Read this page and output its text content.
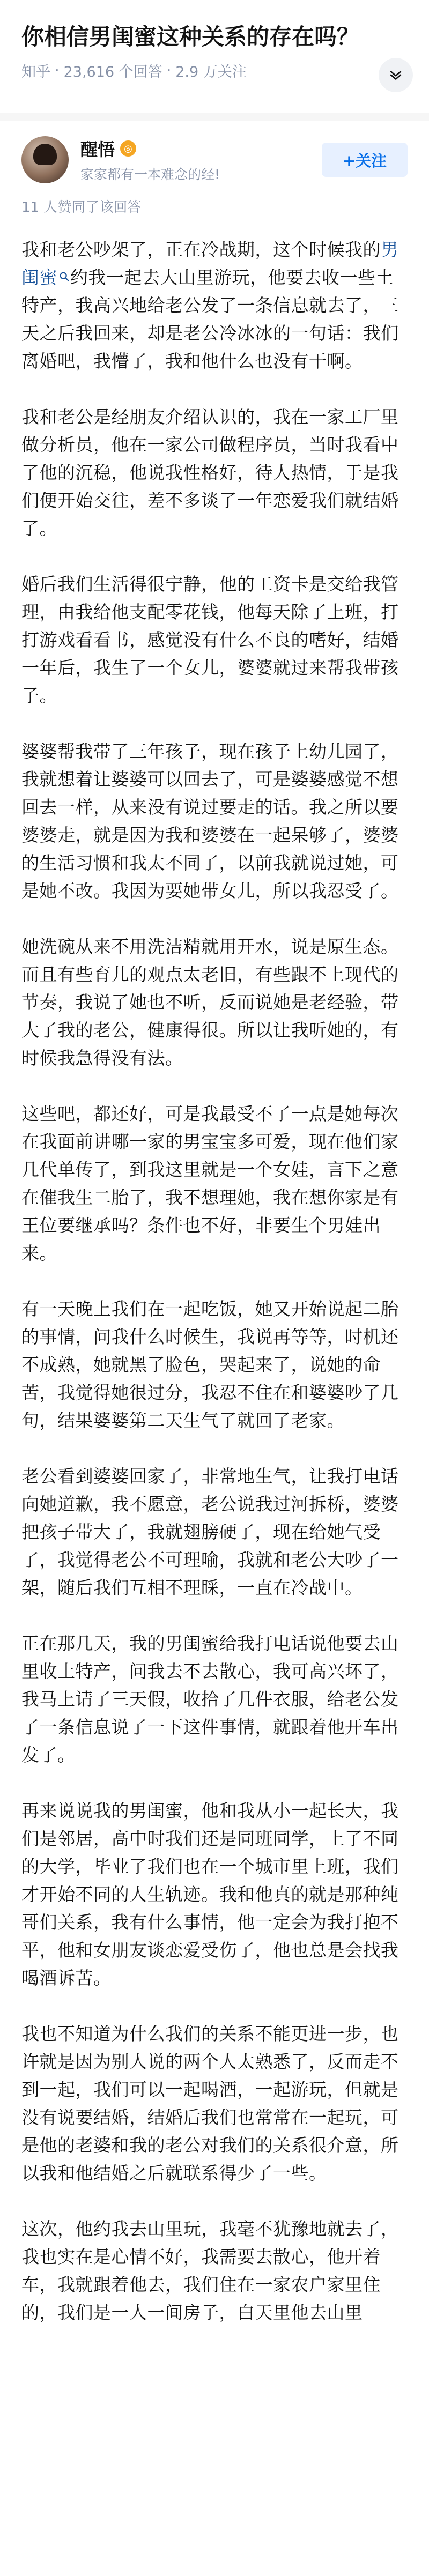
你相信男闺蜜这种关系的存在吗？
知乎 · 23,616 个回答 · 2.9 万关注
醒悟 ◎
家家都有一本难念的经!
+关注
11 人赞同了该回答

我和老公吵架了，正在冷战期，这个时候我的男闺蜜 约我一起去大山里游玩，他要去收一些土特产，我高兴地给老公发了一条信息就去了，三天之后我回来，却是老公冷冰冰的一句话：我们离婚吧，我懵了，我和他什么也没有干啊。

我和老公是经朋友介绍认识的，我在一家工厂里做分析员，他在一家公司做程序员，当时我看中了他的沉稳，他说我性格好，待人热情，于是我们便开始交往，差不多谈了一年恋爱我们就结婚了。

婚后我们生活得很宁静，他的工资卡是交给我管理，由我给他支配零花钱，他每天除了上班，打打游戏看看书，感觉没有什么不良的嗜好，结婚一年后，我生了一个女儿，婆婆就过来帮我带孩子。

婆婆帮我带了三年孩子，现在孩子上幼儿园了，我就想着让婆婆可以回去了，可是婆婆感觉不想回去一样，从来没有说过要走的话。我之所以要婆婆走，就是因为我和婆婆在一起呆够了，婆婆的生活习惯和我太不同了，以前我就说过她，可是她不改。我因为要她带女儿，所以我忍受了。

她洗碗从来不用洗洁精就用开水，说是原生态。而且有些育儿的观点太老旧，有些跟不上现代的节奏，我说了她也不听，反而说她是老经验，带大了我的老公，健康得很。所以让我听她的，有时候我急得没有法。

这些吧，都还好，可是我最受不了一点是她每次在我面前讲哪一家的男宝宝多可爱，现在他们家几代单传了，到我这里就是一个女娃，言下之意在催我生二胎了，我不想理她，我在想你家是有王位要继承吗？条件也不好，非要生个男娃出来。

有一天晚上我们在一起吃饭，她又开始说起二胎的事情，问我什么时候生，我说再等等，时机还不成熟，她就黑了脸色，哭起来了，说她的命苦，我觉得她很过分，我忍不住在和婆婆吵了几句，结果婆婆第二天生气了就回了老家。

老公看到婆婆回家了，非常地生气，让我打电话向她道歉，我不愿意，老公说我过河拆桥，婆婆把孩子带大了，我就翅膀硬了，现在给她气受了，我觉得老公不可理喻，我就和老公大吵了一架，随后我们互相不理睬，一直在冷战中。

正在那几天，我的男闺蜜给我打电话说他要去山里收土特产，问我去不去散心，我可高兴坏了，我马上请了三天假，收拾了几件衣服，给老公发了一条信息说了一下这件事情，就跟着他开车出发了。

再来说说我的男闺蜜，他和我从小一起长大，我们是邻居，高中时我们还是同班同学，上了不同的大学，毕业了我们也在一个城市里上班，我们才开始不同的人生轨迹。我和他真的就是那种纯哥们关系，我有什么事情，他一定会为我打抱不平，他和女朋友谈恋爱受伤了，他也总是会找我喝酒诉苦。

我也不知道为什么我们的关系不能更进一步，也许就是因为别人说的两个人太熟悉了，反而走不到一起，我们可以一起喝酒，一起游玩，但就是没有说要结婚，结婚后我们也常常在一起玩，可是他的老婆和我的老公对我们的关系很介意，所以我和他结婚之后就联系得少了一些。

这次，他约我去山里玩，我毫不犹豫地就去了，我也实在是心情不好，我需要去散心，他开着车，我就跟着他去，我们住在一家农户家里住的，我们是一人一间房子，白天里他去山里
